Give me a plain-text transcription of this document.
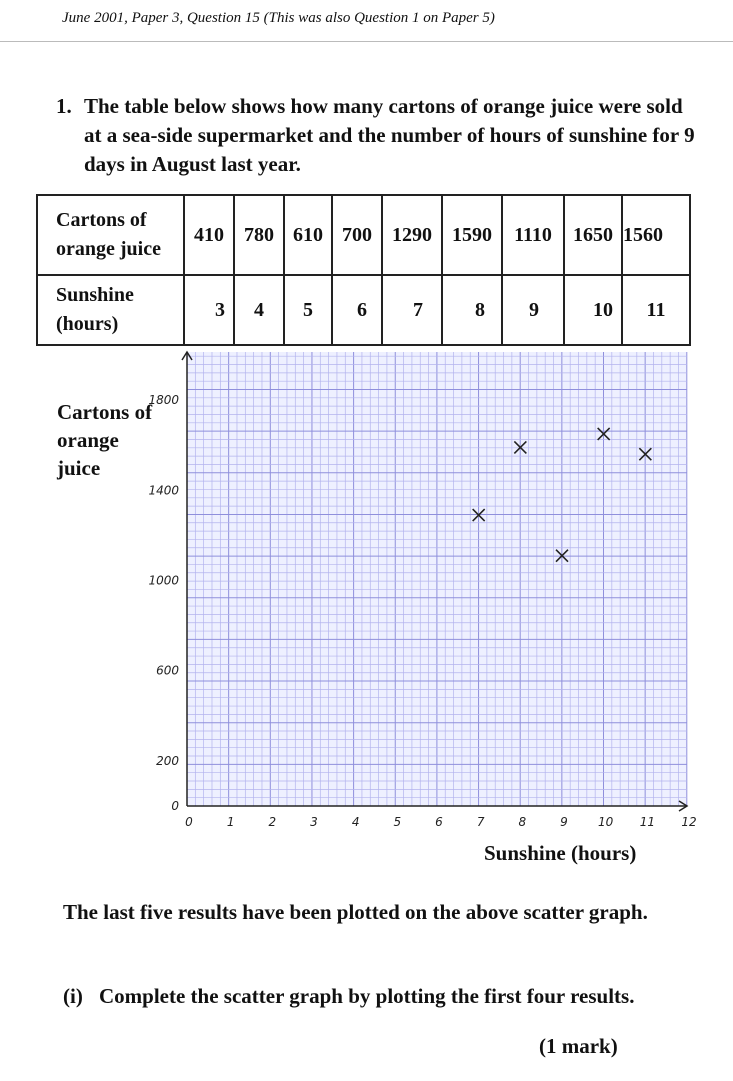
June 2001, Paper 3, Question 15 (This was also Question 1 on Paper 5)
1. The table below shows how many cartons of orange juice were sold at a sea-side supermarket and the number of hours of sunshine for 9 days in August last year.
Cartons of orange juice	410	780	610	700	1290	1590	1110	1650	1560
Sunshine (hours)	3	4	5	6	7	8	9	10	11
Cartons of orange juice
Sunshine (hours)
0	1	2	3	4	5	6	7	8	9	10 11 12
0
200
600
1000
1400
1800
The last five results have been plotted on the above scatter graph.
(i) Complete the scatter graph by plotting the first four results.
(1 mark)
